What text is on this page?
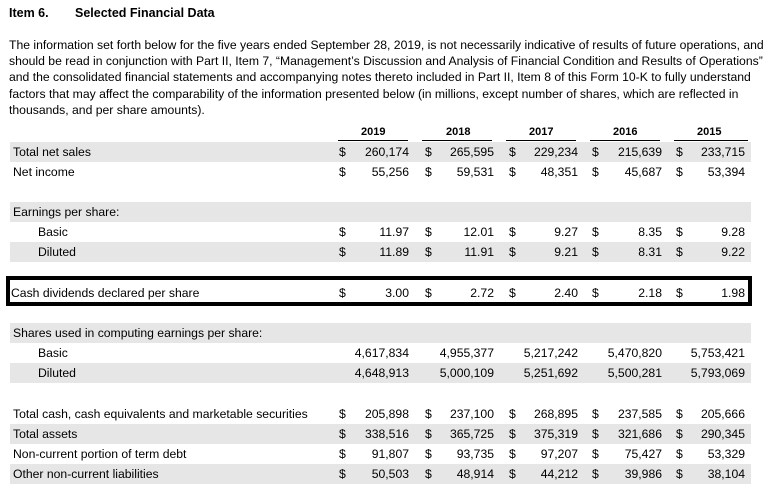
Item 6. Selected Financial Data

The information set forth below for the five years ended September 28, 2019, is not necessarily indicative of results of future operations, and should be read in conjunction with Part II, Item 7, “Management’s Discussion and Analysis of Financial Condition and Results of Operations” and the consolidated financial statements and accompanying notes thereto included in Part II, Item 8 of this Form 10-K to fully understand factors that may affect the comparability of the information presented below (in millions, except number of shares, which are reflected in thousands, and per share amounts).

2019	2018	2017	2016	2015
Total net sales	$ 260,174 $ 265,595 $ 229,234 $ 215,639 $ 233,715
Net income	$ 55,256 $ 59,531 $ 48,351 $ 45,687 $ 53,394
Earnings per share:
Basic	$	11.97 $	12.01 $	9.27 $	8.35 $	9.28
Diluted	$	11.89 $	11.91 $	9.21 $	8.31 $	9.22
Cash dividends declared per share	$	3.00 $	2.72 $	2.40 $	2.18 $	1.98
Shares used in computing earnings per share:
Basic	4,617,834	4,955,377 5,217,242 5,470,820 5,753,421
Diluted	4,648,913	5,000,109 5,251,692 5,500,281 5,793,069
Total cash, cash equivalents and marketable securities	$ 205,898 $ 237,100 $ 268,895 $ 237,585 $ 205,666
Total assets	$ 338,516 $ 365,725 $ 375,319 $ 321,686 $ 290,345
Non-current portion of term debt	$ 91,807 $ 93,735 $ 97,207 $ 75,427 $ 53,329
Other non-current liabilities	$ 50,503 $ 48,914 $ 44,212 $ 39,986 $ 38,104
